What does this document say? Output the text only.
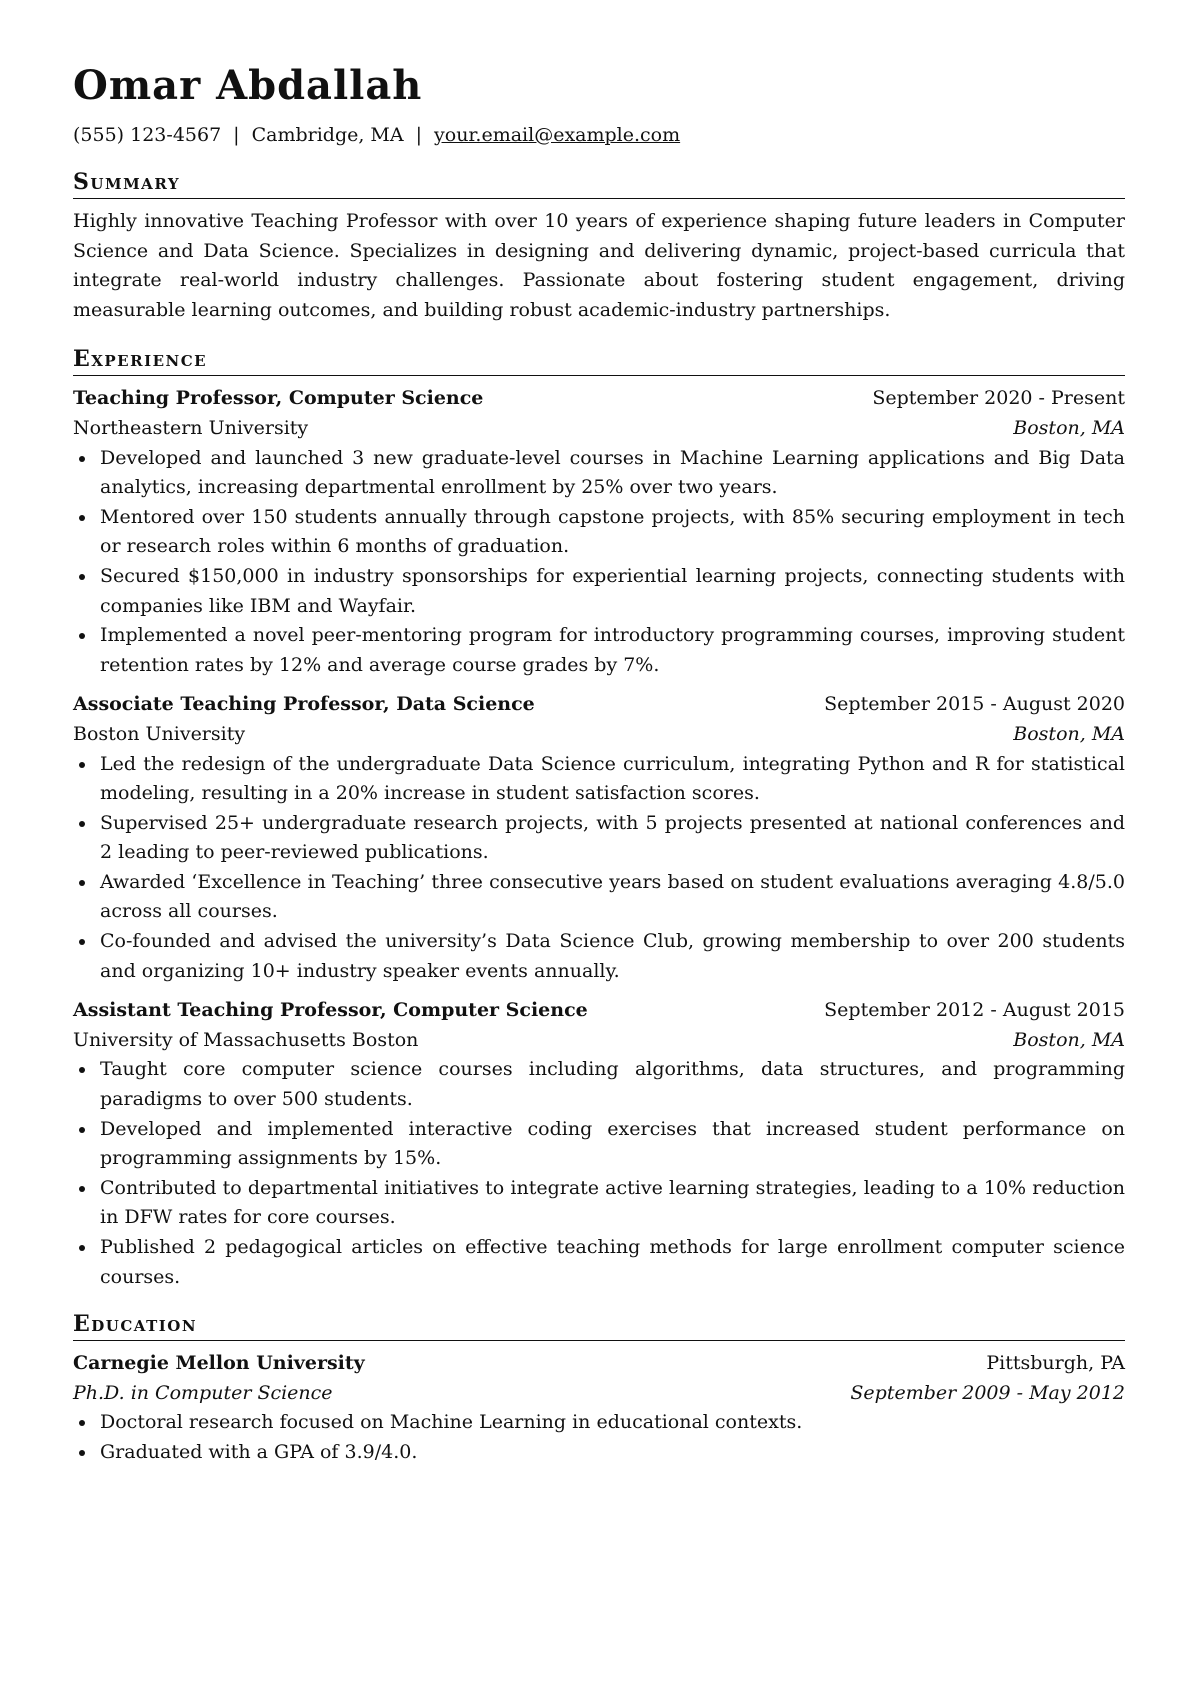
Omar Abdallah
(555) 123-4567 | Cambridge, MA | your.email@example.com
Summary
Highly innovative Teaching Professor with over 10 years of experience shaping future leaders in Computer Science and Data Science. Specializes in designing and delivering dynamic, project-based curricula that integrate real-world industry challenges. Passionate about fostering student engagement, driving measurable learning outcomes, and building robust academic-industry partnerships.
Experience
Teaching Professor, Computer Science	September 2020 - Present
Northeastern University	Boston, MA
Developed and launched 3 new graduate-level courses in Machine Learning applications and Big Data analytics, increasing departmental enrollment by 25% over two years.
Mentored over 150 students annually through capstone projects, with 85% securing employment in tech or research roles within 6 months of graduation.
Secured $150,000 in industry sponsorships for experiential learning projects, connecting students with companies like IBM and Wayfair.
Implemented a novel peer-mentoring program for introductory programming courses, improving student retention rates by 12% and average course grades by 7%.
Associate Teaching Professor, Data Science	September 2015 - August 2020
Boston University	Boston, MA
Led the redesign of the undergraduate Data Science curriculum, integrating Python and R for statistical modeling, resulting in a 20% increase in student satisfaction scores.
Supervised 25+ undergraduate research projects, with 5 projects presented at national conferences and 2 leading to peer-reviewed publications.
Awarded ‘Excellence in Teaching’ three consecutive years based on student evaluations averaging 4.8/5.0 across all courses.
Co-founded and advised the university’s Data Science Club, growing membership to over 200 students and organizing 10+ industry speaker events annually.
Assistant Teaching Professor, Computer Science	September 2012 - August 2015
University of Massachusetts Boston	Boston, MA
Taught core computer science courses including algorithms, data structures, and programming paradigms to over 500 students.
Developed and implemented interactive coding exercises that increased student performance on programming assignments by 15%.
Contributed to departmental initiatives to integrate active learning strategies, leading to a 10% reduction in DFW rates for core courses.
Published 2 pedagogical articles on effective teaching methods for large enrollment computer science courses.
Education
Carnegie Mellon University	Pittsburgh, PA
Ph.D. in Computer Science	September 2009 - May 2012
Doctoral research focused on Machine Learning in educational contexts.
Graduated with a GPA of 3.9/4.0.
